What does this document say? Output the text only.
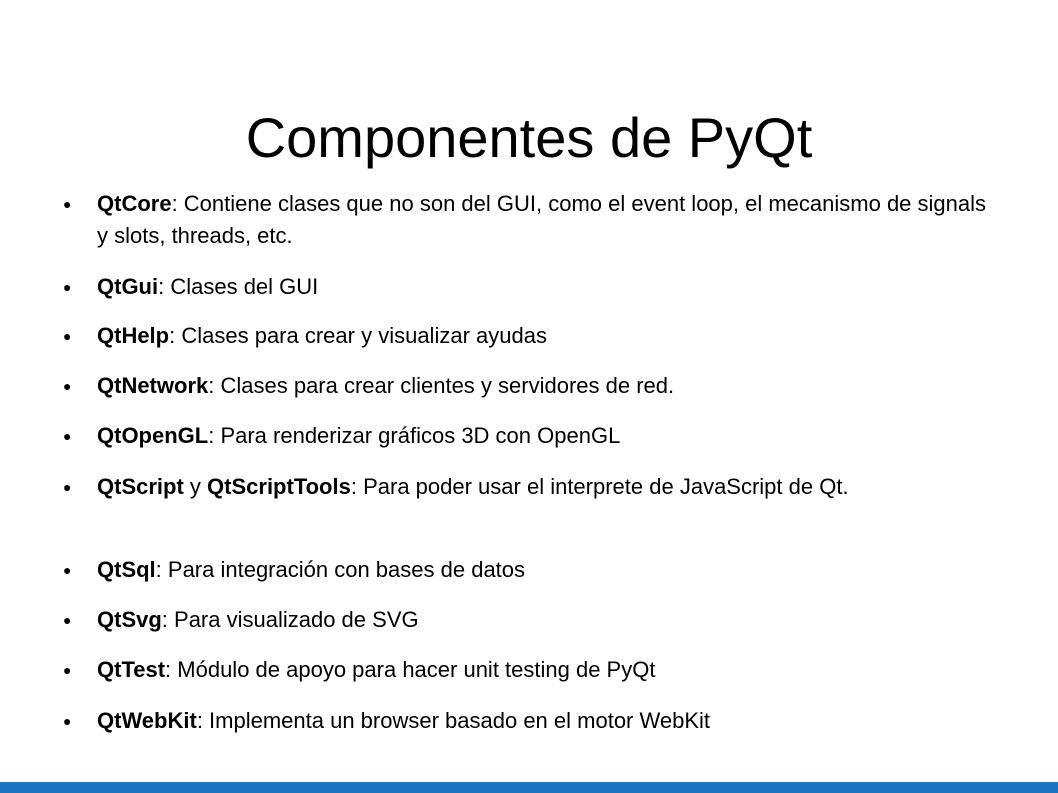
Componentes de PyQt
● QtCore: Contiene clases que no son del GUI, como el event loop, el mecanismo de signals y slots, threads, etc.
● QtGui: Clases del GUI
● QtHelp: Clases para crear y visualizar ayudas
● QtNetwork: Clases para crear clientes y servidores de red.
● QtOpenGL: Para renderizar gráficos 3D con OpenGL
● QtScript y QtScriptTools: Para poder usar el interprete de JavaScript de Qt.
● QtSql: Para integración con bases de datos
● QtSvg: Para visualizado de SVG
● QtTest: Módulo de apoyo para hacer unit testing de PyQt
● QtWebKit: Implementa un browser basado en el motor WebKit
